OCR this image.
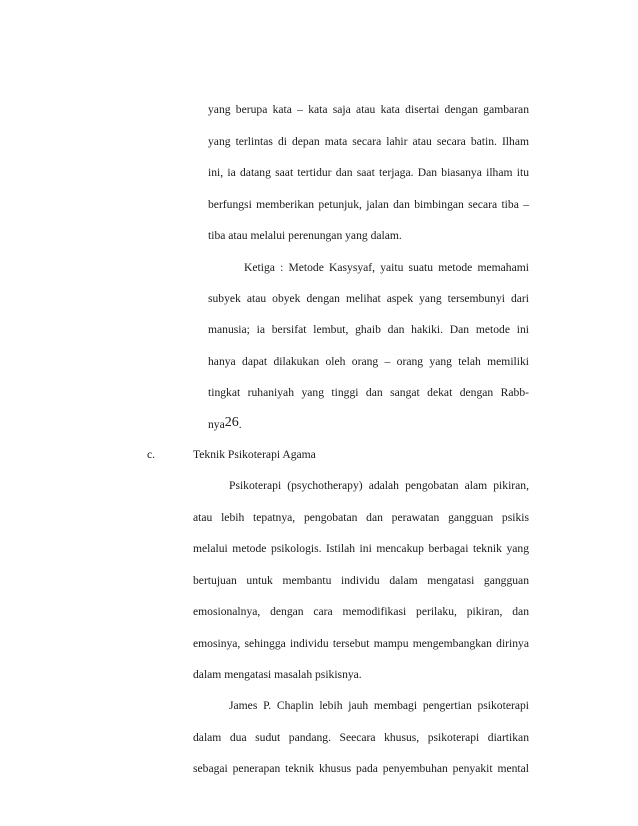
yang berupa kata – kata saja atau kata disertai dengan gambaran
yang terlintas di depan mata secara lahir atau secara batin. Ilham
ini, ia datang saat tertidur dan saat terjaga. Dan biasanya ilham itu
berfungsi memberikan petunjuk, jalan dan bimbingan secara tiba –
tiba atau melalui perenungan yang dalam.
Ketiga : Metode Kasysyaf, yaitu suatu metode memahami
subyek atau obyek dengan melihat aspek yang tersembunyi dari
manusia; ia bersifat lembut, ghaib dan hakiki. Dan metode ini
hanya dapat dilakukan oleh orang – orang yang telah memiliki
tingkat ruhaniyah yang tinggi dan sangat dekat dengan Rabb-
nya26.
c.	Teknik Psikoterapi Agama
Psikoterapi (psychotherapy) adalah pengobatan alam pikiran,
atau lebih tepatnya, pengobatan dan perawatan gangguan psikis
melalui metode psikologis. Istilah ini mencakup berbagai teknik yang
bertujuan untuk membantu individu dalam mengatasi gangguan
emosionalnya, dengan cara memodifikasi perilaku, pikiran, dan
emosinya, sehingga individu tersebut mampu mengembangkan dirinya
dalam mengatasi masalah psikisnya.
James P. Chaplin lebih jauh membagi pengertian psikoterapi
dalam dua sudut pandang. Seecara khusus, psikoterapi diartikan
sebagai penerapan teknik khusus pada penyembuhan penyakit mental
